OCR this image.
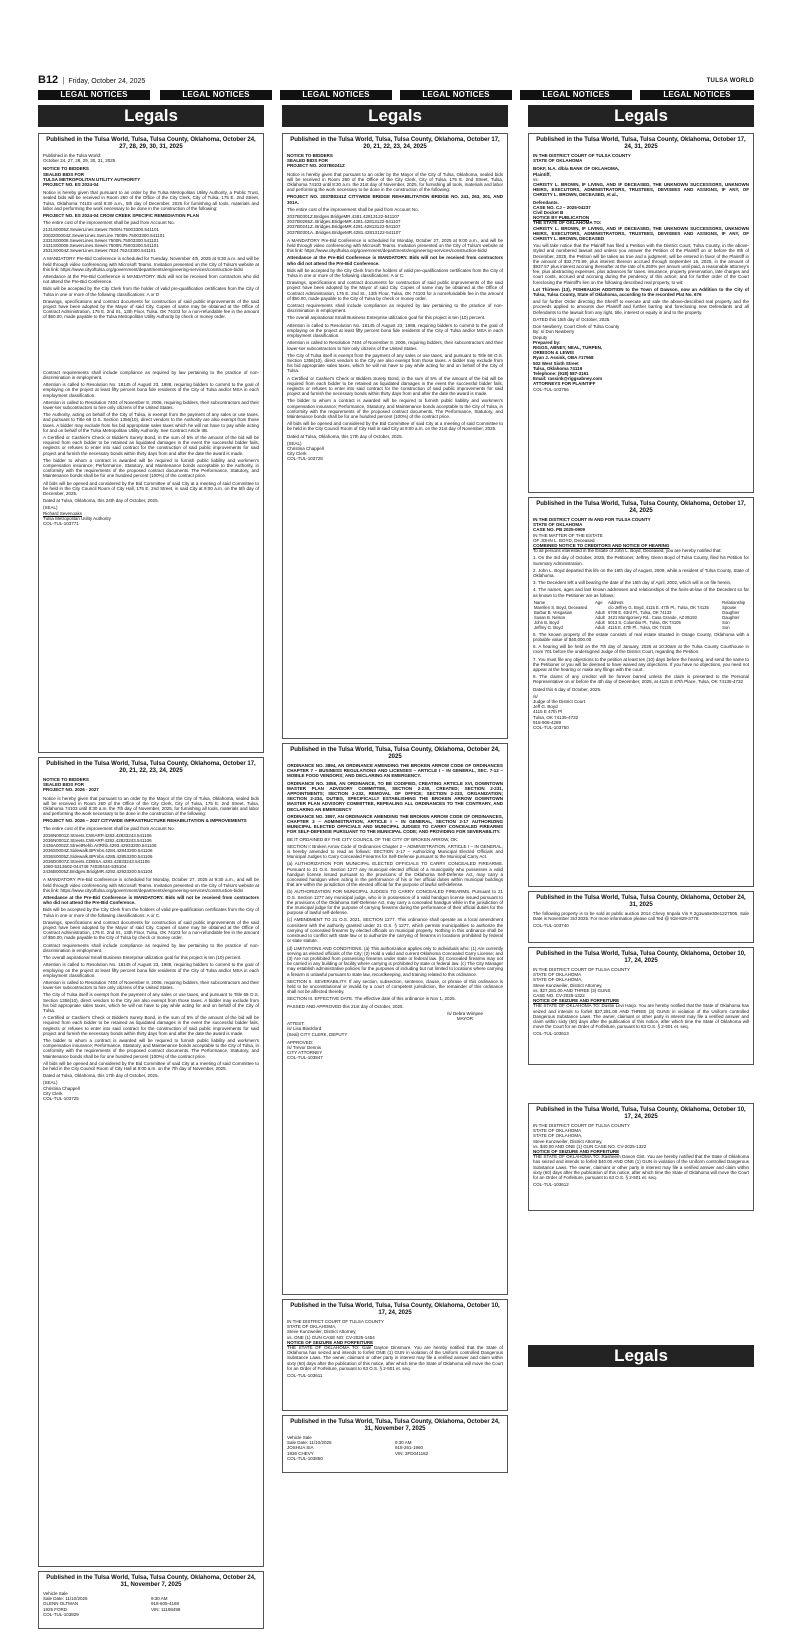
B12 | Friday, October 24, 2025	TULSA WORLD
LEGAL NOTICES	LEGAL NOTICES	LEGAL NOTICES	LEGAL NOTICES	LEGAL NOTICES	LEGAL NOTICES
Legals	Legals	Legals
Legals
Published in the Tulsa World, Tulsa, Tulsa County, Oklahoma, October 24, 27, 28, 29, 30, 31, 2025
Published in the Tulsa World:
October 24, 27, 28, 29, 30, 31, 2025
NOTICE TO BIDDERS
SEALED BIDS FOR
TULSA METROPOLITAN UTILITY AUTHORITY
PROJECT NO. ES 2024-04

Notice is hereby given that pursuant to an order by the Tulsa Metropolitan Utility Authority, a Public Trust, sealed bids will be received in Room 260 of the Office of the City Clerk, City of Tulsa, 175 E. 2nd Street, Tulsa, Oklahoma 74103 until 8:30 a.m., 5th day of December, 2025 for furnishing all tools, materials and labor and performing the work necessary to be done in the construction of the following:

PROJECT NO. ES 2024-04 CROW CREEK SPECIFIC REMEDIATION PLAN

The entire cost of the improvement shall be paid from Account No.

2131S0005Z.SewerLines.Sewer.7500N.75003300.541101
2003200004Z.SewerLines.SwrLine.7500N.75003300.541101
2331S00008.SewerLines.Sewer.7500N.75003300.541101
2431S00008.SewerLines.Sewer.7500N.75003300.541101
2531S0004Z.SewerLines.Sewer.7824.75243300.541101

A MANDATORY Pre-Bid Conference is scheduled for Tuesday, November 4th, 2025 at 9:30 a.m. and will be held through video conferencing with Microsoft Teams. Invitation presented on the City of Tulsa's website at this link: https://www.cityoftulsa.org/government/departments/engineering-services/construction-bids/

Attendance at the Pre-Bid Conference is MANDATORY. Bids will not be received from contractors who did not attend the Pre-Bid Conference.

Bids will be accepted by the City Clerk from the holder of valid pre-qualification certificates from the City of Tulsa in one or more of the following classifications: A or D

Drawings, specifications and contract documents for construction of said public improvements of the said project have been adopted by the Mayor of said City. Copies of same may be obtained at the Office of Contract Administration, 175 E. 2nd St., 13th Floor, Tulsa, OK 74103 for a non-refundable fee in the amount of $50.00, made payable to the Tulsa Metropolitan Utility Authority by check or money order.

Contract requirements shall include compliance as required by law pertaining to the practice of non-discrimination in employment.

Attention is called to Resolution No. 18145 of August 23, 1988, requiring bidders to commit to the goal of employing on the project at least fifty percent bona fide residents of the City of Tulsa and/or MSA in each employment classification.

Attention is called to Resolution 7404 of November 8, 2006, requiring bidders, their subcontractors and their lower-tier subcontractors to hire only citizens of the United States.

The Authority, acting on behalf of the City of Tulsa, is exempt from the payment of any sales or use taxes, and pursuant to Title 68 O.S. Section 1356(10), direct vendors to the Authority are also exempt from those taxes. A bidder may exclude from his bid appropriate sales taxes which he will not have to pay while acting for and on behalf of the Tulsa Metropolitan Utility Authority. See Contract Article IIB.

A Certified or Cashier's Check or Bidder's Surety Bond, in the sum of 5% of the amount of the bid will be required from each bidder to be retained as liquidated damages in the event the successful bidder fails, neglects or refuses to enter into said contract for the construction of said public improvements for said project and furnish the necessary bonds within thirty days from and after the date the award is made.

The bidder to whom a contract is awarded will be required to furnish public liability and workmen's compensation insurance; Performance, Statutory, and Maintenance bonds acceptable to the Authority, in conformity with the requirements of the proposed contract documents. The Performance, Statutory, and Maintenance bonds shall be for one hundred percent (100%) of the contract price.

All bids will be opened and considered by the Bid Committee of said City at a meeting of said Committee to be held in the City Council Room of City Hall, 175 E. 2nd Street, in said City at 9:00 a.m. on the 5th day of December, 2025.

Dated at Tulsa, Oklahoma, this 24th day of October, 2025.

(SEAL)
Richard Sevenoaks
Tulsa Metropolitan Utility Authority
COL-TUL-103771
Published in the Tulsa World, Tulsa, Tulsa County, Oklahoma, October 17, 20, 21, 22, 23, 24, 2025
NOTICE TO BIDDERS
SEALED BIDS FOR
PROJECT NO. 2026 - 2027

Notice is hereby given that pursuant to an order by the Mayor of the City of Tulsa, Oklahoma, sealed bids will be received in Room 260 of the Office of the City Clerk, City of Tulsa, 175 E. 2nd Street, Tulsa, Oklahoma 74103 until 8:30 a.m. the 7th day of November, 2025, for furnishing all tools, materials and labor and performing the work necessary to be done in the construction of the following:

PROJECT NO. 2026 – 2027 CITYWIDE INFRASTRUCTURE REHABILITATION & IMPROVEMENTS

The entire cost of the improvement shall be paid from Account No.

2036N0001Z.Streets.CWIARP.4283.42833243.541106
2036N0001Z.Streets.CWIARP.4282.42823243.541106
2436A0002Z.StreetRehb.ArtRhb.4293.42933200.541106
2036S0004Z.Sidewalk.BPrnbs.4284.42843200.541106
2036S0005Z.Sidewalk.BPrnbs.4285.42853200.541106
2036D0007Z.Streets.CDBSA.4283.42833243.541106
1080-5313602-044748 74030444-535104
2436B0005Z.Bridges.BridgMR.4292.42923200.541104

A MANDATORY Pre-Bid Conference is scheduled for Monday, October 27, 2025 at 9:30 a.m., and will be held through video conferencing with Microsoft Teams. Invitation presented on the City of Tulsa's website at this link: https://www.cityoftulsa.org/government/departments/engineering-services/construction-bids/

Attendance at the Pre-Bid Conference is MANDATORY. Bids will not be received from contractors who did not attend the Pre-Bid Conference.

Bids will be accepted by the City Clerk from the holders of valid pre-qualification certificates from the City of Tulsa in one or more of the following classifications: A or C.

Drawings, specifications and contract documents for construction of said public improvements of the said project have been adopted by the Mayor of said City. Copies of same may be obtained at the Office of Contract Administration, 175 E. 2nd St., 13th Floor, Tulsa, OK 74103 for a non-refundable fee in the amount of $50.00, made payable to the City of Tulsa by check or money order.

Contract requirements shall include compliance as required by law pertaining to the practice of non-discrimination in employment.

The overall aspirational Small Business Enterprise utilization goal for this project is ten (10) percent.

Attention is called to Resolution No. 18145 of August 23, 1988, requiring bidders to commit to the goal of employing on the project at least fifty percent bona fide residents of the City of Tulsa and/or MSA in each employment classification.

Attention is called to Resolution 7404 of November 8, 2006, requiring bidders, their subcontractors and their lower-tier subcontractors to hire only citizens of the United States.

The City of Tulsa itself is exempt from the payment of any sales or use taxes, and pursuant to Title 68 O.S. Section 1356(10), direct vendors to the City are also exempt from those taxes. A bidder may exclude from his bid appropriate sales taxes, which he will not have to pay while acting for and on behalf of the City of Tulsa.

A Certified or Cashier's Check or Bidder's Surety Bond, in the sum of 5% of the amount of the bid will be required from each bidder to be retained as liquidated damages in the event the successful bidder fails, neglects or refuses to enter into said contract for the construction of said public improvements for said project and furnish the necessary bonds within thirty days from and after the date the award is made.

The bidder to whom a contract is awarded will be required to furnish public liability and workmen's compensation insurance; Performance, Statutory, and Maintenance bonds acceptable to the City of Tulsa, in conformity with the requirements of the proposed contract documents. The Performance, Statutory, and Maintenance bonds shall be for one hundred percent (100%) of the contract price.

All bids will be opened and considered by the Bid Committee of said City at a meeting of said Committee to be held in the City Council Room of City Hall at 9:00 a.m. on the 7th day of November, 2025.

Dated at Tulsa, Oklahoma, this 17th day of October, 2025.

(SEAL)
Christina Chappell
City Clerk
COL-TUL-103725
Published in the Tulsa World, Tulsa, Tulsa County, Oklahoma, October 24, 31, November 7, 2025
Vehicle Sale
Sale Date: 11/10/2025	9:30 AM
GLENN OLTMAN	918-605-4168
1925 FORD	VIN: 11198499
COL-TUL-103829
Published in the Tulsa World, Tulsa, Tulsa County, Oklahoma, October 17, 20, 21, 22, 23, 24, 2025
NOTICE TO BIDDERS
SEALED BIDS FOR
PROJECT NO. 2037B0241Z

Notice is hereby given that pursuant to an order by the Mayor of the City of Tulsa, Oklahoma, sealed bids will be received in Room 260 of the Office of the City Clerk, City of Tulsa, 175 E. 2nd Street, Tulsa, Oklahoma 74103 until 8:30 a.m. the 21st day of November, 2025, for furnishing all tools, materials and labor and performing the work necessary to be done in the construction of the following:

PROJECT NO. 2037B0241Z CITYWIDE BRIDGE REHABILITATION BRIDGE NO. 241, 263, 301, AND 301A.

The entire cost of the improvement shall be paid from Account No.

2037B0301Z.Bridges.BridgeMR.4281.42813122-541107
2037B0265Z..Bridges.BridgeMR.4281.42813122-541107
2037B0241Z..Bridges.BridgeMR.4281.42813122-541107
2037B0301A..Bridges.BridgeMR.4281.42813122-541107

A MANDATORY Pre-Bid Conference is scheduled for Monday, October 27, 2025 at 9:00 a.m., and will be held through video conferencing with Microsoft Teams. Invitation presented on the City of Tulsa's website at this link: https://www.cityoftulsa.org/government/departments/engineering-services/construction-bids/

Attendance at the Pre-Bid Conference is MANDATORY. Bids will not be received from contractors who did not attend the Pre-Bid Conference.

Bids will be accepted by the City Clerk from the holders of valid pre-qualifications certificates from the City of Tulsa in one or more of the following classifications: A or C.

Drawings, specifications and contract documents for construction of said public improvements of the said project have been adopted by the Mayor of said City. Copies of same may be obtained at the Office of Contract Administration, 175 E. 2nd St., 13th Floor, Tulsa, OK 74103 for a nonrefundable fee in the amount of $50.00, made payable to the City of Tulsa by check or money order.

Contract requirements shall include compliance as required by law pertaining to the practice of non-discrimination in employment.

The overall aspirational Small Business Enterprise utilization goal for this project is ten (10) percent.

Attention is called to Resolution No. 18145 of August 23, 1988, requiring bidders to commit to the goal of employing on the project at least fifty percent bona fide residents of the City of Tulsa and/or MSA in each employment classification.

Attention is called to Resolution 7404 of November 8, 2006, requiring bidders, their subcontractors and their lower-tier subcontractors to hire only citizens of the United States.

The City of Tulsa itself is exempt from the payment of any sales or use taxes, and pursuant to Title 68 O.S. Section 1356(10), direct vendors to the City are also exempt from those taxes. A bidder may exclude from his bid appropriate sales taxes, which he will not have to pay while acting for and on behalf of the City of Tulsa.

A Certified or Cashier's Check or Bidders Surety Bond, in the sum of 5% of the amount of the bid will be required from each bidder to be retained as liquidated damages in the event the successful bidder fails, neglects or refuses to enter into said contract for the construction of said public improvements for said project and furnish the necessary bonds within thirty days from and after the date the award is made.

The bidder to whom a contract is awarded will be required to furnish public liability and workmen's compensation insurance; Performance, Statutory, and Maintenance bonds acceptable to the City of Tulsa, in conformity with the requirements of the proposed contract documents. The Performance, Statutory, and Maintenance bonds shall be for one hundred percent (100%) of the contract price.

All bids will be opened and considered by the Bid Committee of said City at a meeting of said Committee to be held in the City Council Room of City Hall in said City at 9:00 a.m. on the 21st day of November, 2025.

Dated at Tulsa, Oklahoma, this 17th day of October, 2025.

(SEAL)
Christina Chappell
City Clerk
COL-TUL-103728
Published in the Tulsa World, Tulsa, Tulsa County, Oklahoma, October 24, 2025

ORDINANCE NO. 3894, AN ORDINANCE AMENDING THE BROKEN ARROW CODE OF ORDINANCES CHAPTER 7 – BUSINESS REGULATIONS AND LICENSES – ARTICLE I – IN GENERAL, SEC. 7-12 – MOBILE FOOD VENDORS; AND DECLARING AN EMERGENCY.

ORDINANCE NO. 3858, AN ORDINANCE, TO BE CODIFIED, CREATING ARTICLE XVI, DOWNTOWN MASTER PLAN ADVISORY COMMITTEE, SECTION 2-230, CREATED; SECTION 2-231, APPOINTMENTS; SECTION 2-232, REMOVAL OF OFFICE; SECTION 2-233, ORGANIZATION; SECTION 2-234, DUTIES, SPECIFICALLY ESTABLISHING THE BROKEN ARROW DOWNTOWN MASTER PLAN ADVISORY COMMITTEE, REPEALING ALL ORDINANCES TO THE CONTRARY, AND DECLARING AN EMERGENCY

ORDINANCE NO. 3897, AN ORDINANCE AMENDING THE BROKEN ARROW CODE OF ORDINANCES, CHAPTER 2 – ADMINISTRATION, ARTICLE I – IN GENERAL, SECTION 2-17 AUTHORIZING MUNICIPAL ELECTED OFFICIALS AND MUNICIPAL JUDGES TO CARRY CONCEALED FIREARMS FOR SELF-DEFENSE PURSUANT TO THE MUNICIPAL CODE; AND PROVIDING FOR SEVERABILITY.

BE IT ORDAINED BY THE CITY COUNCIL OF THE CITY OF BROKEN ARROW, OK:

SECTION I: Broken Arrow Code of Ordinances Chapter 2 – ADMINISTRATION, ARTICLE I – IN GENERAL, is hereby amended to read as follows: SECTION 2-17 – Authorizing Municipal Elected Officials and Municipal Judges to Carry Concealed Firearms for Self-Defense pursuant to the Municipal Carry Act.

(a) AUTHORIZATION FOR MUNICIPAL ELECTED OFFICIALS TO CARRY CONCEALED FIREARMS. Pursuant to 21 O.S. Section 1277 any municipal elected official of a municipality who possesses a valid handgun license issued pursuant to the provisions of the Oklahoma Self-Defense Act, may carry a concealed handgun when acting in the performance of his or her official duties within municipal buildings that are within the jurisdiction of the elected official for the purpose of lawful self-defense.

(b) AUTHORIZATION FOR MUNICIPAL JUDGES TO CARRY CONCEALED FIREARMS. Pursuant to 21 O.S. Section 1277 any municipal judge, who is in possession of a valid handgun license issued pursuant to the provisions of the Oklahoma Self-Defense Act, may carry a concealed handgun while in the jurisdiction of the municipal judge for the purpose of carrying firearms during the performance of their official duties for the purpose of lawful self-defense.

(c) AMENDMENT TO 21 O.S. 2021, SECTION 1277. This ordinance shall operate as a local amendment consistent with the authority granted under 21 O.S. § 1277, which permits municipalities to authorize the carrying of concealed firearms by elected officials on municipal property. Nothing in this ordinance shall be construed to conflict with state law or to authorize the carrying of firearms in locations prohibited by federal or state statute.

(d) LIMITATIONS AND CONDITIONS. (a) This authorization applies only to individuals who: (1) Are currently serving as elected officials of the City; (2) Hold a valid and current Oklahoma Concealed Carry License; and (3) Are not prohibited from possessing firearms under state or federal law. (b) Concealed firearms may not be carried in any building or facility where carrying is prohibited by state or federal law. (c) The City Manager may establish administrative policies for the purposes of including but not limited to locations where carrying a firearm is unlawful pursuant to state law, recordkeeping, and training related to this ordinance.

SECTION II. SEVERABILITY. If any section, subsection, sentence, clause, or phrase of this ordinance is held to be unconstitutional or invalid by a court of competent jurisdiction, the remainder of this ordinance shall not be affected thereby.

SECTION III. EFFECTIVE DATE. The effective date of this ordinance is Nov 1, 2025.

PASSED AND APPROVED this 21st day of October, 2025.

/s/ Debra Wimpee
MAYOR
ATTEST:
/s/ Lisa Blackford
(Seal) CITY CLERK, DEPUTY
APPROVED:
/s/ Trevor Dennis
CITY ATTORNEY
COL-TUL-103847
Published in the Tulsa World, Tulsa, Tulsa County, Oklahoma, October 10, 17, 24, 2025
IN THE DISTRICT COURT OF TULSA COUNTY
STATE OF OKLAHOMA,
Steve Kunzweiler, District Attorney,
vs. ONE (1) GUN CASE NO: CV-2025-1454
NOTICE OF SEIZURE AND FORFEITURE

THE STATE OF OKLAHOMA TO: Gale Dayton Dinsmore. You are hereby notified that the State of Oklahoma has seized and intends to forfeit ONE (1) GUN in violation of the Uniform controlled Dangerous Substance Laws. The owner, claimant or other party in interest may file a verified answer and claim within sixty (60) days after the publication of this notice, after which time the State of Oklahoma will move the Court for an Order of Forfeiture, pursuant to 63 O.S. § 2-501 et. seq.

COL-TUL-103611
Published in the Tulsa World, Tulsa, Tulsa County, Oklahoma, October 24, 31, November 7, 2025
Vehicle Sale
Sale Date: 11/10/2025	9:30 AM
JOSHUA SIA	918-261-1960
1936 CHEVY	VIN: 3FD041182
COL-TUL-103850
Published in the Tulsa World, Tulsa, Tulsa County, Oklahoma, October 17, 24, 31, 2025
IN THE DISTRICT COURT OF TULSA COUNTY
STATE OF OKLAHOMA
BOKF, N.A. d/b/a BANK OF OKLAHOMA,
Plaintiff,
vs.

CHRISTY L. BROWN, IF LIVING, AND IF DECEASED, THE UNKNOWN SUCCESSORS, UNKNOWN HEIRS, EXECUTORS, ADMINISTRATORS, TRUSTEES, DEVISEES AND ASSIGNS, IF ANY, OF CHRISTY L. BROWN, DECEASED, et al.,

Defendants.
CASE NO. CJ – 2025-04237
Civil Docket B
NOTICE BY PUBLICATION
THE STATE OF OKLAHOMA TO:

CHRISTY L. BROWN, IF LIVING, AND IF DECEASED, THE UNKNOWN SUCCESSORS, UNKNOWN HEIRS, EXECUTORS, ADMINISTRATORS, TRUSTEES, DEVISEES AND ASSIGNS, IF ANY, OF CHRISTY L. BROWN, DECEASED

You will take notice that the Plaintiff has filed a Petition with the District Court, Tulsa County, in the above-styled and numbered lawsuit and unless you answer the Petition of the Plaintiff on or before the 8th of December, 2025, the Petition will be taken as true and a judgment, will be entered in favor of the Plaintiff in the amount of $32,770.89, plus interest thereon accrued through September 16, 2025, in the amount of $937.57 plus interest accruing thereafter at the rate of 6.250% per annum until paid, a reasonable attorney's fee, plus abstracting expenses, plus advances for taxes, insurance, property preservation, late charges and court costs, accrued and accruing during the pendency of this action; and for further order of the Court foreclosing the Plaintiff's lien on the following described real property, to wit:

Lot Thirteen (13), FISHBAUGH ADDITION to the Town of Dawson, now an Addition to the City of Tulsa, Tulsa County, State of Oklahoma, according to the recorded Plat No. 676

and for further Order directing the Sheriff to execute and sale the above-described real property and the proceeds applied to amounts due Plaintiff and further barring and foreclosing new Defendants and all Defendants to the lawsuit from any right, title, interest or equity in and to the property.

DATED this 15th day of October, 2025.

Don Newberry, Court Clerk of Tulsa County
By: s/ Don Newberry
Deputy
Prepared by:
RIGGS, ABNEY, NEAL, TURPEN,
ORBISON & LEWIS
Ryan J. Assink, OBA #17568
502 West Sixth Street
Tulsa, Oklahoma 74119
Telephone: (918) 587-3161
Email: rassink@riggsabney.com
ATTORNEYS FOR PLAINTIFF
COL-TUL-103756
Published in the Tulsa World, Tulsa, Tulsa County, Oklahoma, October 17, 24, 2025
IN THE DISTRICT COURT IN AND FOR TULSA COUNTY
STATE OF OKLAHOMA
CASE NO. PB 2025-0909
IN THE MATTER OF THE ESTATE
OF JOHN L. BOYD, Deceased
COMBINED NOTICE TO CREDITORS AND NOTICE OF HEARING

To all persons interested in the Estate of John L. Boyd, Deceased, you are hereby notified that:

1. On the 3rd day of October, 2025, the Petitioner, Jeffrey Glenn Boyd of Tulsa County, filed his Petition for Summary Administration.

2. John L. Boyd departed this life on the 16th day of August, 2009, while a resident of Tulsa County, State of Oklahoma.

3. The Decedent left a will bearing the date of the 15th day of April, 2002, which will is on file herein.

4. The names, ages and last known addresses and relationships of the heirs-at-law of the Decedent so far as known to the Petitioner are as follows:

Name	Age	Address	Relationship
Marellen S. Boyd, Deceased		c/o Jeffrey G. Boyd, 4115 E. 47th Pl., Tulsa, OK 74135	Spouse
Barbar B. Vesgasian	Adult	6708 E. 63rd Pl., Tulsa, OK 74133	Daughter
Susan B. Nelson	Adult	3421 Montgomery Rd., Casa Grande, AZ 85193	Daughter
John B. Boyd	Adult	5013 S. Columbia Pl., Tulsa, OK 74105	Son
Jeffrey G. Boyd	Adult	4115 E. 47th Pl., Tulsa, OK 74135	Son

5. The known property of the estate consists of real estate situated in Osage County, Oklahoma with a probable value of $40,000.00

6. A hearing will be held on the 7th day of January, 2026 at 10:30am at the Tulsa County Courthouse in room 701 before the undersigned Judge of the District Court, regarding the Petition.

7. You must file any objections to the petition at least ten (10) days before the hearing, and send the same to the Petitioner or you will be deemed to have waived any objections. If you have no objections, you need not appear at the hearing or make any filings with the court.

8. The claims of any creditor will be forever barred unless the claim is presented to the Personal Representative on or before the 4th day of December, 2025, at 4115 E 47th Place, Tulsa, OK 74135-4732

Dated this 6 day of October, 2025.

/s/
Judge of the District Court
Jeff G. Boyd
4115 E 47th Pl
Tulsa, OK 74135-4732
918-906-4289
COL-TUL-103750
Published in the Tulsa World, Tulsa, Tulsa County, Oklahoma, October 24, 31, 2025

The following property is to be sold at public auction 2014 Chevy Impala Vin # 2g1wa5e30e1227505. Sale Date is November 3rd 2025. For more information please call Ted @ 918-829-3778.

COL-TUL-103740
Published in the Tulsa World, Tulsa, Tulsa County, Oklahoma, October 10, 17, 24, 2025
IN THE DISTRICT COURT OF TULSA COUNTY
STATE OF OKLAHOMA
STATE OF OKLAHOMA,
Steve Kunzweiler, District Attorney,
vs. $27,281.00 AND THREE (3) GUNS
CASE NO. CV-2025-1322
NOTICE OF SEIZURE AND FORFEITURE

THE STATE OF OKLAHOMA TO: Dustin Levi Harjo. You are hereby notified that the State of Oklahoma has seized and intends to forfeit $27,281.00 AND THREE (3) GUNS in violation of the Uniform controlled Dangerous Substance Laws. The owner, claimant or other party in interest may file a verified answer and claim within sixty (60) days after the publication of this notice, after which time the State of Oklahoma will move the Court for an Order of Forfeiture, pursuant to 63 O.S. § 2-501 et. seq.

COL-TUL-103613
Published in the Tulsa World, Tulsa, Tulsa County, Oklahoma, October 10, 17, 24, 2025
IN THE DISTRICT COURT OF TULSA COUNTY
STATE OF OKLAHOMA
STATE OF OKLAHOMA,
Steve Kunzweiler, District Attorney,
vs. $40.00 AND ONE (1) GUN CASE NO. CV-2025-1322
NOTICE OF SEIZURE AND FORFEITURE

THE STATE OF OKLAHOMA TO: Rasheem Davon Gist. You are hereby notified that the State of Oklahoma has seized and intends to forfeit $40.00 AND ONE (1) GUN in violation of the Uniform controlled Dangerous Substance Laws. The owner, claimant or other party in interest may file a verified answer and claim within sixty (60) days after the publication of this notice, after which time the State of Oklahoma will move the Court for an Order of Forfeiture, pursuant to 63 O.S. § 2-501 et. seq.

COL-TUL-103612
